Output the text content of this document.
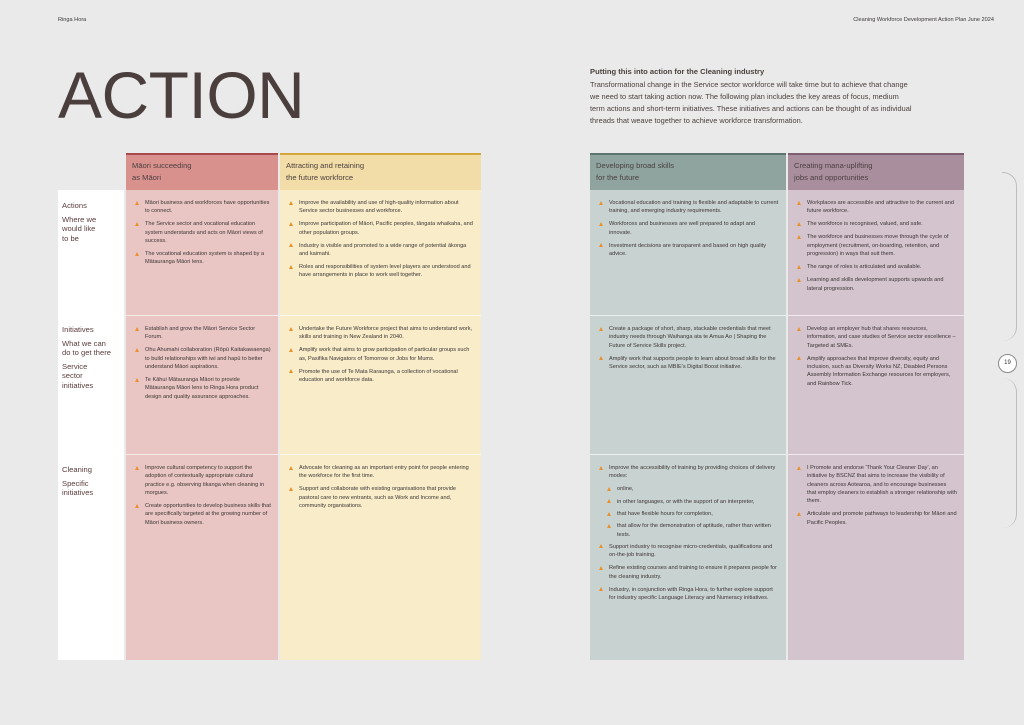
Ringa Hora	Cleaning Workforce Development Action Plan June 2024
ACTION	Putting this into action for the Cleaning industry

Transformational change in the Service sector workforce will take time but to achieve that change
we need to start taking action now. The following plan includes the key areas of focus, medium
term actions and short-term initiatives. These initiatives and actions can be thought of as individual
threads that weave together to achieve workforce transformation.

Actions
Where we
would like
to be
Initiatives
What we can
do to get there
Service
sector
initiatives
Cleaning
Specific
initiatives
Māori succeeding
as Māori
Māori business and workforces have opportunities to connect.
The Service sector and vocational education system understands and acts on Māori views of success.
The vocational education system is shaped by a Mātauranga Māori lens.
Establish and grow the Māori Service Sector Forum.
Ohu Ahumahi collaboration (Rōpū Kaitakawaenga) to build relationships with iwi and hapū to better understand Māori aspirations.
Te Kāhui Mātauranga Māori to provide Mātauranga Māori lens to Ringa Hora product design and quality assurance approaches.
Improve cultural competency to support the adoption of contextually appropriate cultural practice e.g. observing tikanga when cleaning in morgues.
Create opportunities to develop business skills that are specifically targeted at the growing number of Māori business owners.
Attracting and retaining
the future workforce
Improve the availability and use of high-quality information about Service sector businesses and workforce.
Improve participation of Māori, Pacific peoples, tāngata whaikaha, and other population groups.
Industry is visible and promoted to a wide range of potential ākonga and kaimahi.
Roles and responsibilities of system level players are understood and have arrangements in place to work well together.
Undertake the Future Workforce project that aims to understand work, skills and training in New Zealand in 2040.
Amplify work that aims to grow participation of particular groups such as, Pasifika Navigators of Tomorrow or Jobs for Mums.
Promote the use of Te Mata Raraunga, a collection of vocational education and workforce data.
Advocate for cleaning as an important entry point for people entering the workforce for the first time.
Support and collaborate with existing organisations that provide pastoral care to new entrants, such as Work and Income and, community organisations.
Developing broad skills
for the future
Vocational education and training is flexible and adaptable to current training, and emerging industry requirements.
Workforces and businesses are well prepared to adapt and innovate.
Investment decisions are transparent and based on high quality advice.
Create a package of short, sharp, stackable credentials that meet industry needs through Waihanga ata te Amua Ao | Shaping the Future of Service Skills project.
Amplify work that supports people to learn about broad skills for the Service sector, such as MBIE's Digital Boost initiative.
Improve the accessibility of training by providing choices of delivery modes:
online,
in other languages, or with the support of an interpreter,
that have flexible hours for completion,
that allow for the demonstration of aptitude, rather than written tests.
Support industry to recognise micro-credentials, qualifications and on-the-job training.
Refine existing courses and training to ensure it prepares people for the cleaning industry.
Industry, in conjunction with Ringa Hora, to further explore support for industry specific Language Literacy and Numeracy initiatives.
Creating mana-uplifting
jobs and opportunities
Workplaces are accessible and attractive to the current and future workforce.
The workforce is recognised, valued, and safe.
The workforce and businesses move through the cycle of employment (recruitment, on-boarding, retention, and progression) in ways that suit them.
The range of roles is articulated and available.
Learning and skills development supports upwards and lateral progression.
Develop an employer hub that shares resources, information, and case studies of Service sector excellence – Targeted at SMEs.
Amplify approaches that improve diversity, equity and inclusion, such as Diversity Works NZ, Disabled Persons Assembly Information Exchange resources for employers, and Rainbow Tick.
I Promote and endorse 'Thank Your Cleaner Day', an initiative by BSCNZ that aims to increase the visibility of cleaners across Aotearoa, and to encourage businesses that employ cleaners to establish a stronger relationship with them.
Articulate and promote pathways to leadership for Māori and Pacific Peoples.
19
